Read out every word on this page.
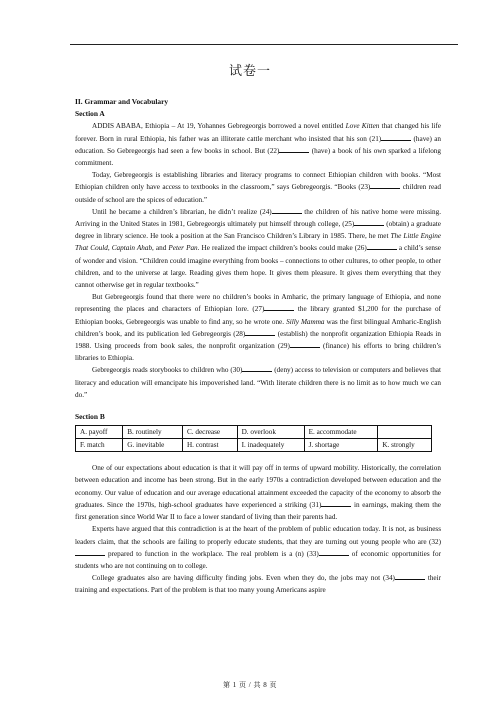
试卷一
II. Grammar and Vocabulary
Section A

ADDIS ABABA, Ethiopia – At 19, Yohannes Gebregeorgis borrowed a novel entitled Love Kitten that changed his life forever. Born in rural Ethiopia, his father was an illiterate cattle merchant who insisted that his son (21)	(have) an education. So Gebregeorgis had seen a few books in school. But (22)	(have) a book of his own sparked a lifelong commitment.

Today, Gebregeorgis is establishing libraries and literacy programs to connect Ethiopian children with books. “Most Ethiopian children only have access to textbooks in the classroom,” says Gebregeorgis. “Books (23)	children read outside of school are the spices of education.”

Until he became a children’s librarian, he didn’t realize (24)	the children of his native home were missing. Arriving in the United States in 1981, Gebregeorgis ultimately put himself through college, (25)	(obtain) a graduate degree in library science. He took a position at the San Francisco Children’s Library in 1985. There, he met The Little Engine That Could, Captain Ahab, and Peter Pan. He realized the impact children’s books could make (26)	a child’s sense of wonder and vision. “Children could imagine everything from books – connections to other cultures, to other people, to other children, and to the universe at large. Reading gives them hope. It gives them pleasure. It gives them everything that they cannot otherwise get in regular textbooks.”

But Gebregeorgis found that there were no children’s books in Amharic, the primary language of Ethiopia, and none representing the places and characters of Ethiopian lore. (27)	the library granted $1,200 for the purchase of Ethiopian books, Gebregeorgis was unable to find any, so he wrote one. Silly Mamma was the first bilingual Amharic-English children’s book, and its publication led Gebregeorgis (28)	(establish) the nonprofit organization Ethiopia Reads in 1988. Using proceeds from book sales, the nonprofit organization (29)	(finance) his efforts to bring children’s libraries to Ethiopia.

Gebregeorgis reads storybooks to children who (30)	(deny) access to television or computers and believes that literacy and education will emancipate his impoverished land. “With literate children there is no limit as to how much we can do.”

Section B
A. payoff	B. routinely	C. decrease	D. overlook	E. accommodate	
F. match	G. inevitable	H. contrast	I. inadequately	J. shortage	K. strongly

One of our expectations about education is that it will pay off in terms of upward mobility. Historically, the correlation between education and income has been strong. But in the early 1970s a contradiction developed between education and the economy. Our value of education and our average educational attainment exceeded the capacity of the economy to absorb the graduates. Since the 1970s, high-school graduates have experienced a striking (31)	in earnings, making them the first generation since World War II to face a lower standard of living than their parents had.

Experts have argued that this contradiction is at the heart of the problem of public education today. It is not, as business leaders claim, that the schools are failing to properly educate students, that they are turning out young people who are (32) prepared to function in the workplace. The real problem is a (n) (33)	of economic opportunities for students who are not continuing on to college.

College graduates also are having difficulty finding jobs. Even when they do, the jobs may not (34)	their training and expectations. Part of the problem is that too many young Americans aspire

第 1 页 / 共 8 页
